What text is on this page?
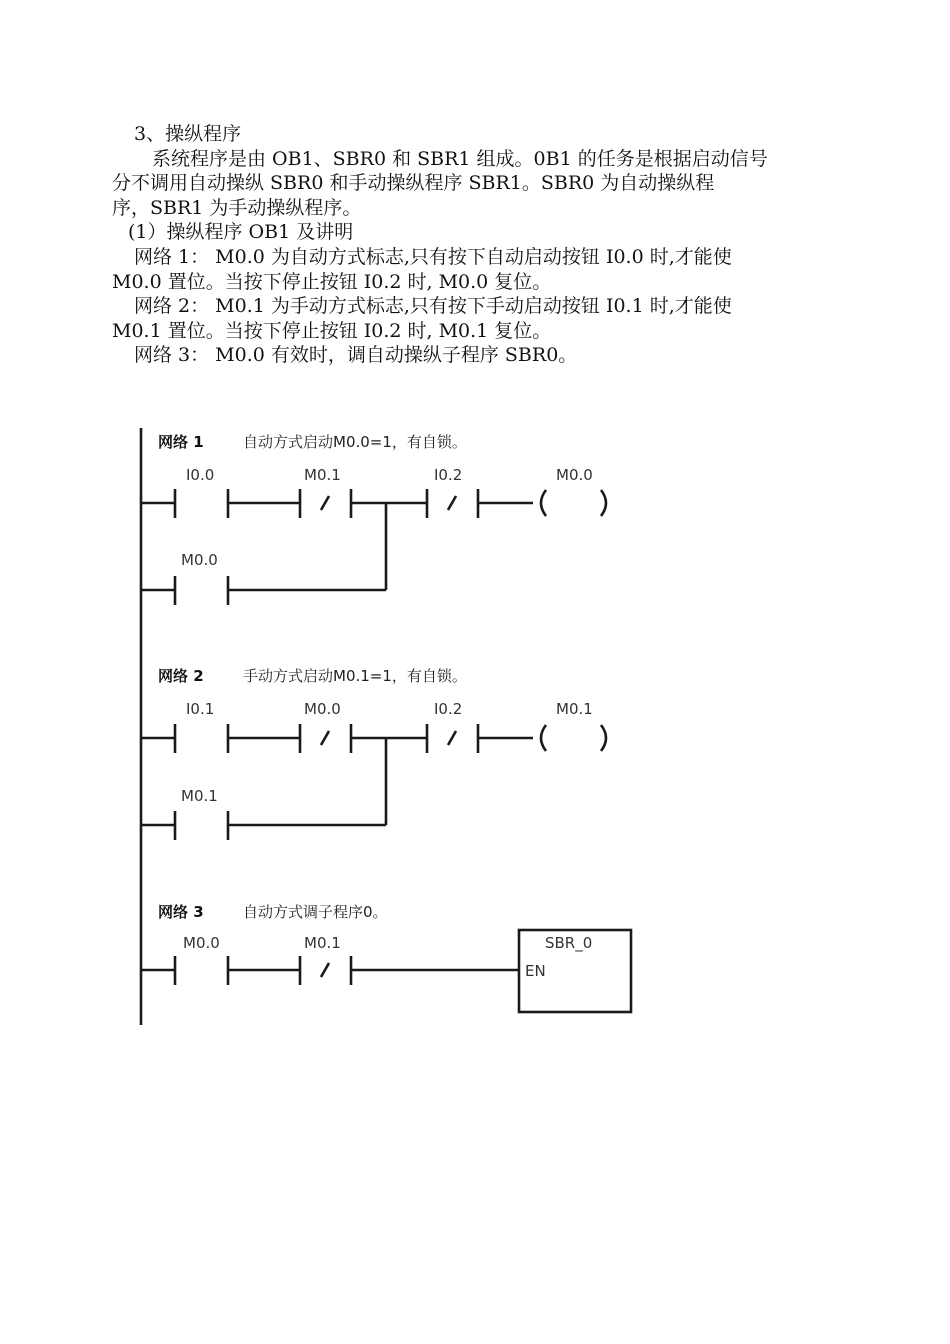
3、操纵程序
系统程序是由 OB1、SBR0 和 SBR1 组成。0B1 的任务是根据启动信号
分不调用自动操纵 SBR0 和手动操纵程序 SBR1。SBR0 为自动操纵程
序，SBR1 为手动操纵程序。
(1）操纵程序 OB1 及讲明
网络 1： M0.0 为自动方式标志,只有按下自动启动按钮 I0.0 时,才能使
M0.0 置位。当按下停止按钮 I0.2 时, M0.0 复位。
网络 2： M0.1 为手动方式标志,只有按下手动启动按钮 I0.1 时,才能使
M0.1 置位。当按下停止按钮 I0.2 时, M0.1 复位。
网络 3： M0.0 有效时，调自动操纵子程序 SBR0。
网络 1	自动方式启动M0.0=1，有自锁。
I0.0	M0.1	I0.2	M0.0
M0.0
网络 2	手动方式启动M0.1=1，有自锁。
I0.1	M0.0	I0.2	M0.1
M0.1
网络 3	自动方式调子程序0。
M0.0	M0.1	SBR_0
EN
